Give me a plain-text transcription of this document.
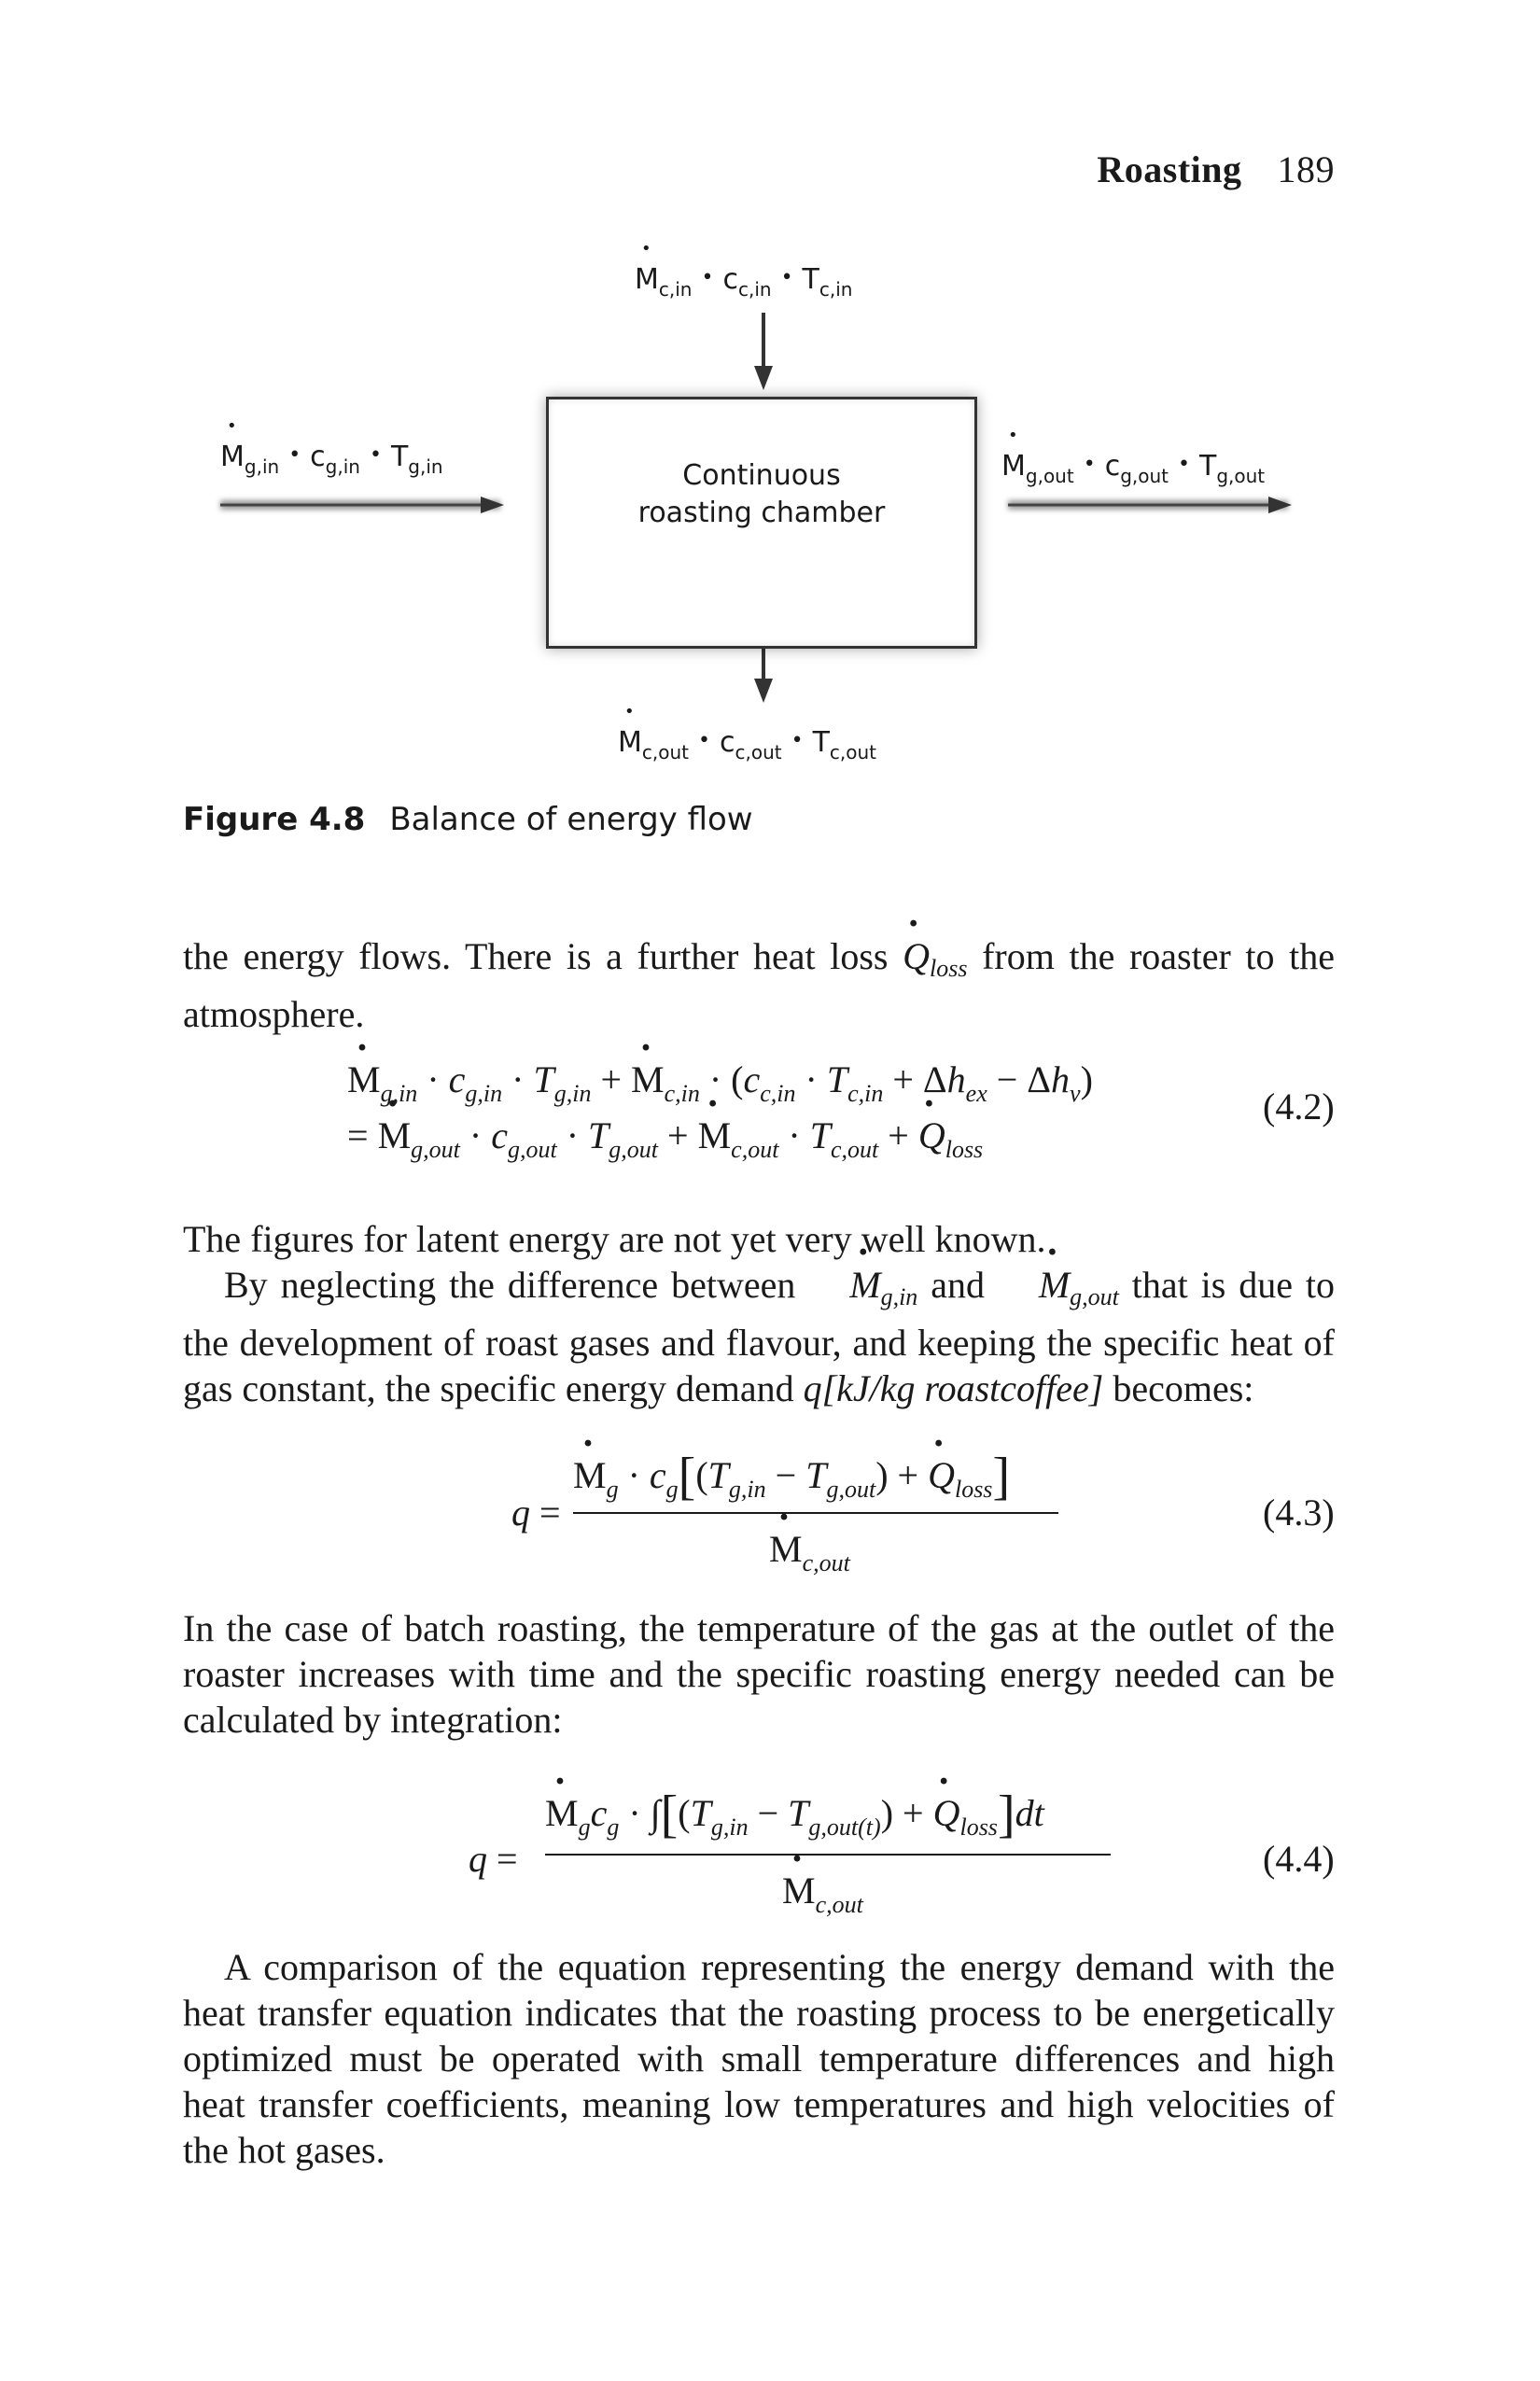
Roasting 189
• $M_{c,in}$ • $c_{c,in}$ • $T_{c,in}$
• $M_{g,in}$ • $c_{g,in}$ • $T_{g,in}$
•	$M_{g,out}$ • $c_{g,out}$ • $T_{g,out}$
• $M_{c,out}$ • $c_{c,out}$ • $T_{c,out}$
Continuous
roasting chamber
Figure 4.8 Balance of energy flow

the energy flows. There is a further heat loss · $Q_{loss}$ from the roaster to the atmosphere.

· $M_{g,in} \cdot c_{g,in} \cdot T_{g,in}$ + · $M_{c,in} \cdot (c_{c,in} \cdot T_{c,in} + \Delta h_{ex} - \Delta h_v)$
= · $M_{g,out} \cdot c_{g,out} \cdot T_{g,out}$ + · $M_{c,out} \cdot T_{c,out}$ + · $Q_{loss}$
(4.2)

The figures for latent energy are not yet very well known.

By neglecting the difference between · $M_{g,in}$ and · $M_{g,out}$ that is due to the development of roast gases and flavour, and keeping the specific heat of gas constant, the specific energy demand q[kJ/kg roastcoffee] becomes:

q =
· $M_g \cdot c_g[(T_{g,in} - T_{g,out})$ + · $Q_{loss}$]
· $M_{c,out}$
(4.3)

In the case of batch roasting, the temperature of the gas at the outlet of the roaster increases with time and the specific roasting energy needed can be calculated by integration:

q =
· $M_gc_g \cdot \int[(T_{g,in} - T_{g,out(t)})$ + · $Q_{loss}]dt$
· $M_{c,out}$
(4.4)

A comparison of the equation representing the energy demand with the heat transfer equation indicates that the roasting process to be energetically optimized must be operated with small temperature differences and high heat transfer coefficients, meaning low temperatures and high velocities of the hot gases.
